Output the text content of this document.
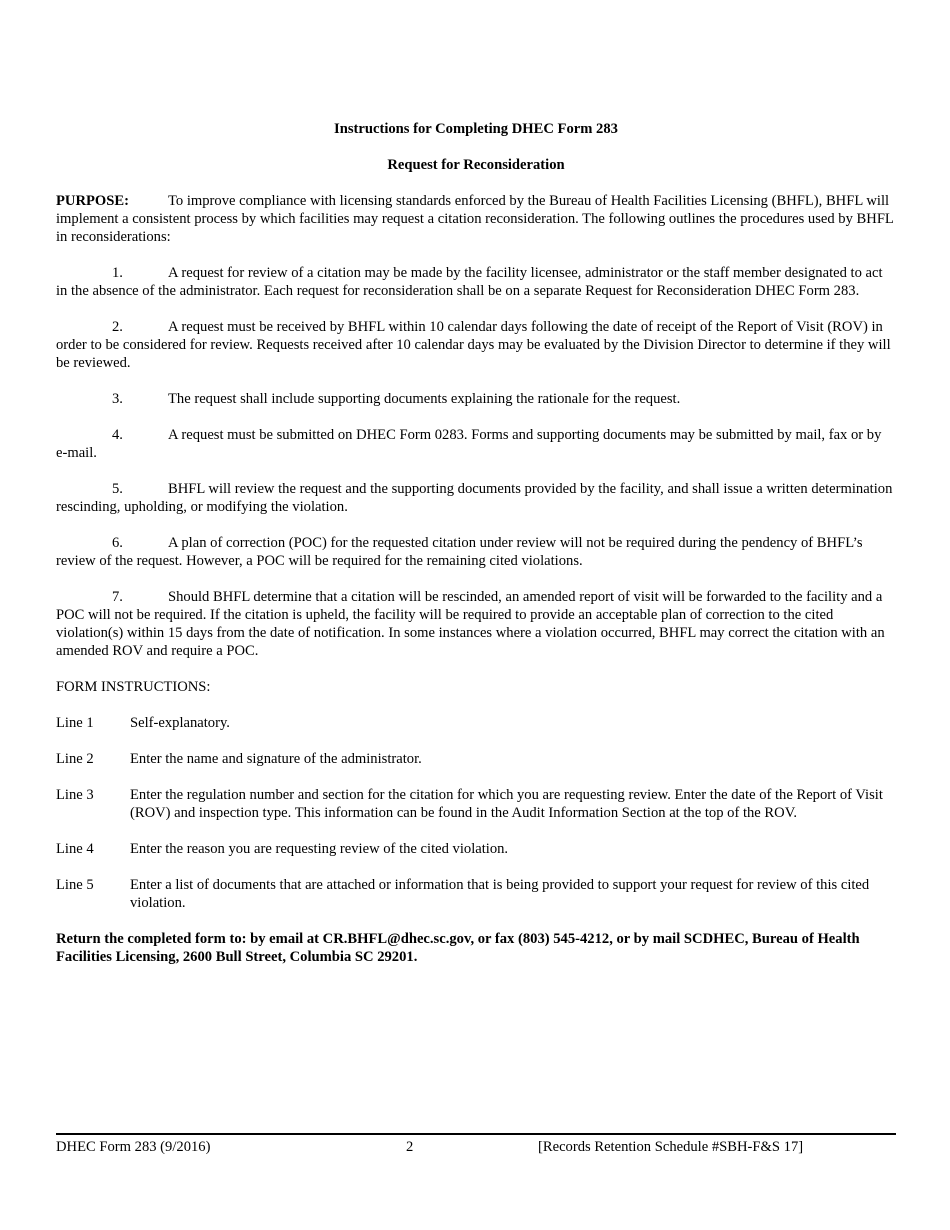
Instructions for Completing DHEC Form 283

Request for Reconsideration

PURPOSE:	To improve compliance with licensing standards enforced by the Bureau of Health Facilities Licensing (BHFL), BHFL will implement a consistent process by which facilities may request a citation reconsideration. The following outlines the procedures used by BHFL in reconsiderations:

1.	A request for review of a citation may be made by the facility licensee, administrator or the staff member designated to act in the absence of the administrator. Each request for reconsideration shall be on a separate Request for Reconsideration DHEC Form 283.

2.	A request must be received by BHFL within 10 calendar days following the date of receipt of the Report of Visit (ROV) in order to be considered for review. Requests received after 10 calendar days may be evaluated by the Division Director to determine if they will be reviewed.

3.	The request shall include supporting documents explaining the rationale for the request.

4.	A request must be submitted on DHEC Form 0283. Forms and supporting documents may be submitted by mail, fax or by e-mail.

5.	BHFL will review the request and the supporting documents provided by the facility, and shall issue a written determination rescinding, upholding, or modifying the violation.

6.	A plan of correction (POC) for the requested citation under review will not be required during the pendency of BHFL’s review of the request. However, a POC will be required for the remaining cited violations.

7.	Should BHFL determine that a citation will be rescinded, an amended report of visit will be forwarded to the facility and a POC will not be required. If the citation is upheld, the facility will be required to provide an acceptable plan of correction to the cited violation(s) within 15 days from the date of notification. In some instances where a violation occurred, BHFL may correct the citation with an amended ROV and require a POC.

FORM INSTRUCTIONS:

Line 1	Self-explanatory.
Line 2	Enter the name and signature of the administrator.
Line 3	Enter the regulation number and section for the citation for which you are requesting review. Enter the date of the Report of Visit (ROV) and inspection type. This information can be found in the Audit Information Section at the top of the ROV.
Line 4	Enter the reason you are requesting review of the cited violation.
Line 5	Enter a list of documents that are attached or information that is being provided to support your request for review of this cited violation.

Return the completed form to: by email at CR.BHFL@dhec.sc.gov, or fax (803) 545-4212, or by mail SCDHEC, Bureau of Health Facilities Licensing, 2600 Bull Street, Columbia SC 29201.

DHEC Form 283 (9/2016)	2	[Records Retention Schedule #SBH-F&S 17]
